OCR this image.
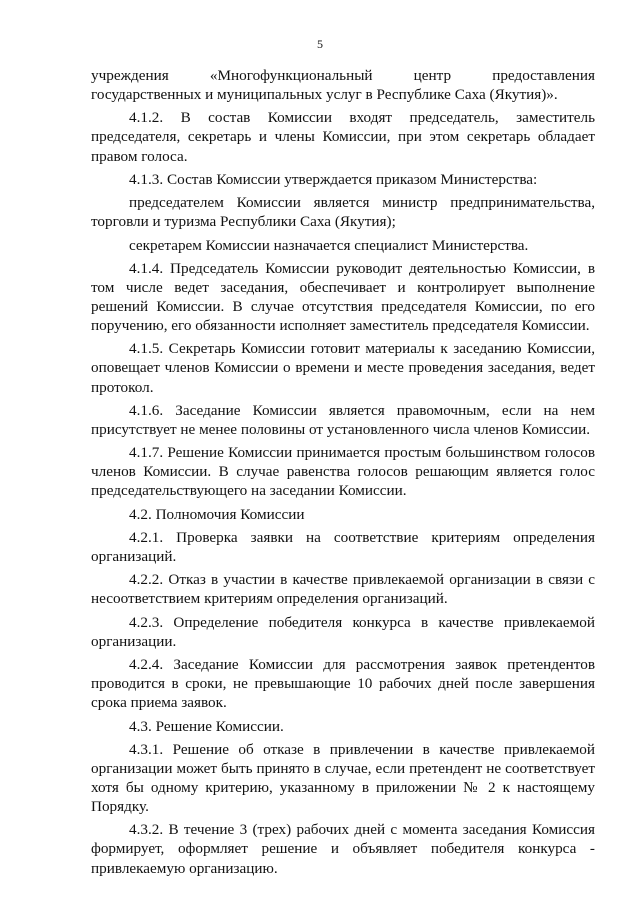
5

учреждения «Многофункциональный центр предоставления государственных и муниципальных услуг в Республике Саха (Якутия)».

4.1.2. В состав Комиссии входят председатель, заместитель председателя, секретарь и члены Комиссии, при этом секретарь обладает правом голоса.

4.1.3. Состав Комиссии утверждается приказом Министерства:

председателем Комиссии является министр предпринимательства, торговли и туризма Республики Саха (Якутия);

секретарем Комиссии назначается специалист Министерства.

4.1.4. Председатель Комиссии руководит деятельностью Комиссии, в том числе ведет заседания, обеспечивает и контролирует выполнение решений Комиссии. В случае отсутствия председателя Комиссии, по его поручению, его обязанности исполняет заместитель председателя Комиссии.

4.1.5. Секретарь Комиссии готовит материалы к заседанию Комиссии, оповещает членов Комиссии о времени и месте проведения заседания, ведет протокол.

4.1.6. Заседание Комиссии является правомочным, если на нем присутствует не менее половины от установленного числа членов Комиссии.

4.1.7. Решение Комиссии принимается простым большинством голосов членов Комиссии. В случае равенства голосов решающим является голос председательствующего на заседании Комиссии.

4.2. Полномочия Комиссии

4.2.1. Проверка заявки на соответствие критериям определения организаций.

4.2.2. Отказ в участии в качестве привлекаемой организации в связи с несоответствием критериям определения организаций.

4.2.3. Определение победителя конкурса в качестве привлекаемой организации.

4.2.4. Заседание Комиссии для рассмотрения заявок претендентов проводится в сроки, не превышающие 10 рабочих дней после завершения срока приема заявок.

4.3. Решение Комиссии.

4.3.1. Решение об отказе в привлечении в качестве привлекаемой организации может быть принято в случае, если претендент не соответствует хотя бы одному критерию, указанному в приложении № 2 к настоящему Порядку.

4.3.2. В течение 3 (трех) рабочих дней с момента заседания Комиссия формирует, оформляет решение и объявляет победителя конкурса - привлекаемую организацию.
